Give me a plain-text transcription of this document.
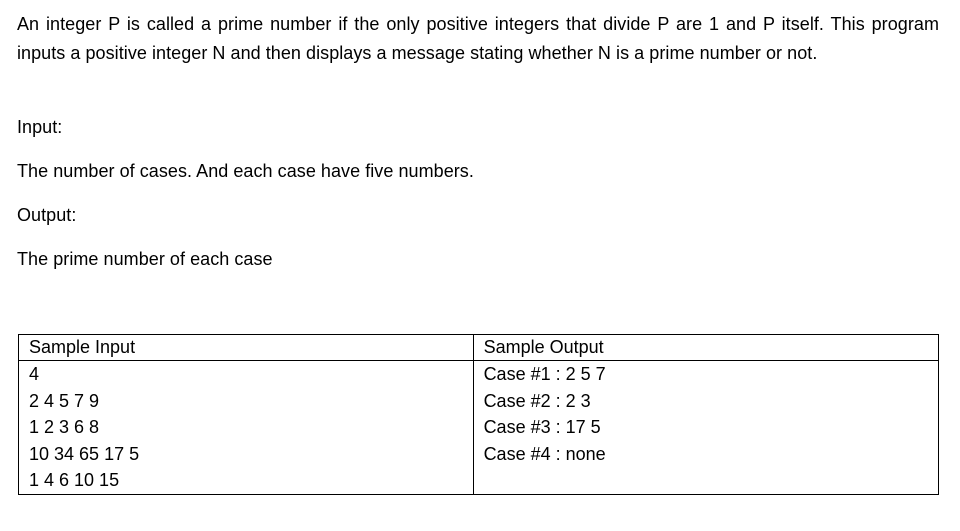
An integer P is called a prime number if the only positive integers that divide P are 1 and P itself. This program inputs a positive integer N and then displays a message stating whether N is a prime number or not.

Input:

The number of cases. And each case have five numbers.

Output:

The prime number of each case

Sample Input	Sample Output
4	Case #1 : 2 5 7
2 4 5 7 9	Case #2 : 2 3
1 2 3 6 8	Case #3 : 17 5
10 34 65 17 5	Case #4 : none
1 4 6 10 15	
